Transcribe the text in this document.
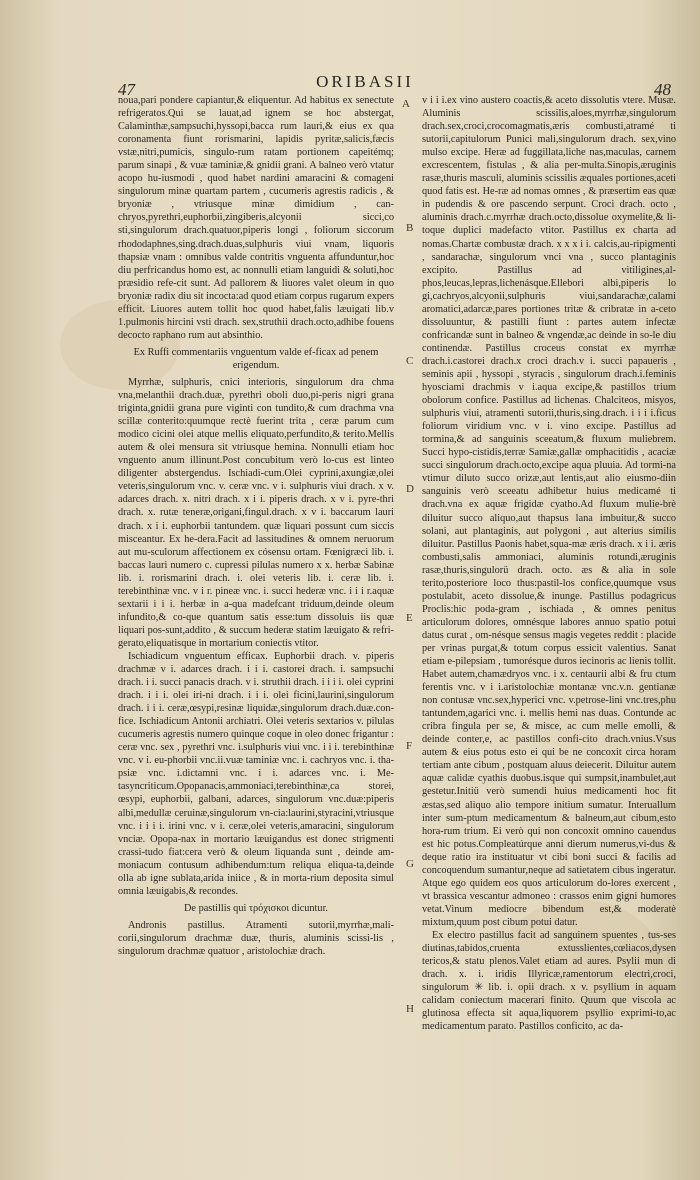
47	ORIBASII	48

noua,pari pondere capiantur,& eliquentur. Ad habitus ex senectute refrigeratos.Qui se lauat,ad ignem se hoc abstergat, Calaminthæ,sampsuchi,hyssopi,bacca rum lauri,& eius ex qua coronamenta fiunt rorismarini, lapidis pyritæ,salicis,fæcis vstæ,nitri,pumicis, singulo-rum ratam portionem capeitémq; parum sinapi , & vuæ taminiæ,& gnidii grani. A balneo verò vtatur acopo hu-iusmodi , quod habet nardini amaracini & comageni singulorum minæ quartam partem , cucumeris agrestis radicis , & bryoniæ , vtriusque minæ dimidium , can-chryos,pyrethri,euphorbii,zingiberis,alcyonii sicci,co sti,singulorum drach.quatuor,piperis longi , foliorum siccorum rhododaphnes,sing.drach.duas,sulphuris viui vnam, liquoris thapsiæ vnam : omnibus valde contritis vnguenta affunduntur,hoc diu perfricandus homo est, ac nonnulli etiam languidi & soluti,hoc præsidio refe-cit sunt. Ad pallorem & liuores valet oleum in quo bryoniæ radix diu sit incocta:ad quod etiam corpus rugarum expers efficit. Liuores autem tollit hoc quod habet,falis læuigati lib.v 1.pulmonis hircini vsti drach. sex,struthii drach.octo,adhibe fouens decocto raphano rum aut absinthio.

Ex Ruffi commentariis vnguentum valde ef-ficax ad penem erigendum.

Myrrhæ, sulphuris, cnici interioris, singulorum dra chma vna,melanthii drach.duæ, pyrethri oboli duo,pi-peris nigri grana triginta,gnidii grana pure viginti con tundito,& cum drachma vna scillæ conterito:quumque rectè fuerint trita , ceræ parum cum modico cicini olei atque mellis eliquato,perfundito,& terito.Mellis autem & olei mensura sit vtriusque hemina. Nonnulli etiam hoc vnguento anum illinunt.Post concubitum verò lo-cus est linteo diligenter abstergendus. Ischiadi-cum.Olei cyprini,axungiæ,olei veteris,singulorum vnc. v. ceræ vnc. v i. sulphuris viui drach. x v. adarces drach. x. nitri drach. x i i. piperis drach. x v i. pyre-thri drach. x. rutæ teneræ,origani,fingul.drach. x v i. baccarum lauri drach. x i i. euphorbii tantundem. quæ liquari possunt cum siccis misceantur. Ex he-dera.Facit ad lassitudines & omnem neruorum aut mu-sculorum affectionem ex cósensu ortam. Fœnigræci lib. i. baccas lauri numero c. cupressi pilulas numero x x. herbæ Sabinæ lib. i. rorismarini drach. i. olei veteris lib. i. ceræ lib. i. terebinthinæ vnc. v i r. pineæ vnc. i. succi hederæ vnc. i i i r.aquæ sextarii i i i. herbæ in a-qua madefcant triduum,deinde oleum infundito,& co-que quantum satis esse:tum dissoluis iis quæ liquari pos-sunt,addito , & succum hederæ statim læuigato & refri-gerato,eliquatisque in mortarium coniectis vtitor.

Ischiadicum vnguentum efficax. Euphorbii drach. v. piperis drachmæ v i. adarces drach. i i i. castorei drach. i. sampsuchi drach. i i. succi panacis drach. v i. struthii drach. i i i i. olei cyprini drach. i i i. olei iri-ni drach. i i i. olei ficini,laurini,singulorum drach. i i i. ceræ,œsypi,resinæ liquidæ,singulorum drach.duæ.con-fice. Ischiadicum Antonii archiatri. Olei veteris sextarios v. pilulas cucumeris agrestis numero quinque coque in oleo donec frigantur : ceræ vnc. sex , pyrethri vnc. i.sulphuris viui vnc. i i i. terebinthinæ vnc. v i. eu-phorbii vnc.ii.vuæ taminiæ vnc. i. cachryos vnc. i. tha-psiæ vnc. i.dictamni vnc. i i. adarces vnc. i. Me-tasyncriticum.Opopanacis,ammoniaci,terebinthinæ,ca storei, œsypi, euphorbii, galbani, adarces, singulorum vnc.duæ:piperis albi,medullæ ceruinæ,singulorum vn-cia:laurini,styracini,vtriusque vnc. i i i i. irini vnc. v i. ceræ,olei veteris,amaracini, singulorum vnciæ. Opopa-nax in mortario læuigandus est donec strigmenti crassi-tudo fiat:cera verò & oleum liquanda sunt , deinde am-moniacum contusum adhibendum:tum reliqua eliqua-ta,deinde olla ab igne sublata,arida iniice , & in morta-rium deposita simul omnia læuigabis,& recondes.

De pastillis qui τρόχισκοι dicuntur.

Andronis pastillus. Atramenti sutorii,myrrhæ,mali-corii,singulorum drachmæ duæ, thuris, aluminis scissi-lis , singulorum drachmæ quatuor , aristolochiæ drach.

A
B
C
D
E
F
G
H

v i i i.ex vino austero coactis,& aceto dissolutis vtere. Musæ. Aluminis scissilis,aloes,myrrhæ,singulorum drach.sex,croci,crocomagmatis,æris combusti,atramé ti sutorii,capitulorum Punici mali,singulorum drach. sex,vino mulso excipe. Heræ ad fuggillata,liche nas,maculas, carnem excrescentem, fistulas , & alia per-multa.Sinopis,æruginis rasæ,thuris masculi, aluminis scissilis æquales portiones,aceti quod fatis est. He-ræ ad nomas omnes , & præsertim eas quæ in pudendis & ore pascendo serpunt. Croci drach. octo , aluminis drach.c.myrrhæ drach.octo,dissolue oxymelite,& li-toque duplici madefacto vtitor. Pastillus ex charta ad nomas.Chartæ combustæ drach. x x x i i. calcis,au-ripigmenti , sandarachæ, singulorum vnci vna , succo plantaginis excipito. Pastillus ad vitiligines,al-phos,leucas,lepras,lichenásque.Ellebori albi,piperis lo gi,cachryos,alcyonii,sulphuris viui,sandarachæ,calami aromatici,adarcæ,pares portiones tritæ & cribratæ in a-ceto dissoluuntur, & pastilli fiunt : partes autem infectæ confricandæ sunt in balneo & vngendæ,ac deinde in so-le diu continendæ. Pastillus croceus constat ex myrrhæ drach.i.castorei drach.x croci drach.v i. succi papaueris , seminis apii , hyssopi , styracis , singulorum drach.i.feminis hyosciami drachmis v i.aqua excipe,& pastillos trium obolorum confice. Pastillus ad lichenas. Chalciteos, misyos, sulphuris viui, atramenti sutorii,thuris,sing.drach. i i i i.ficus foliorum viridium vnc. v i. vino excipe. Pastillus ad tormina,& ad sanguinis sceeatum,& fluxum muliebrem. Succi hypo-cistidis,terræ Samiæ,gallæ omphacitidis , acaciæ succi singulorum drach.octo,excipe aqua pluuia. Ad tormi-na vtimur diluto succo orizæ,aut lentis,aut alio eiusmo-diin sanguinis verò sceeatu adhibetur huius medicamé ti drach.vna ex aquæ frigidæ cyatho.Ad fluxum mulie-brè diluitur succo aliquo,aut thapsus lana imbuitur,& succo solani, aut plantaginis, aut polygoni , aut alterius similis diluitur. Pastillus Paonis habet,squa-mæ æris drach. x i i. æris combusti,salis ammoniaci, aluminis rotundi,æruginis rasæ,thuris,singulorü drach. octo. æs & alia in sole terito,posteriore loco thus:pastil-los confice,quumque vsus postulabit, aceto dissolue,& inunge. Pastillus podagricus Proclis:hic poda-gram , ischiada , & omnes penitus articulorum dolores, omnésque labores annuo spatio potui datus curat , om-nésque sensus magis vegetes reddit : placide per vrinas purgat,& totum corpus essicit valentius. Sanat etiam e-pilepsiam , tumorésque duros iecinoris ac lienis tollit. Habet autem,chamædryos vnc. i x. centaurii albi & fru ctum ferentis vnc. v i i.aristolochiæ montanæ vnc.v.n. gentianæ non contusæ vnc.sex,hyperici vnc. v.petrose-lini vnc.tres,phu tantundem,agarici vnc. i. mellis hemi nas duas. Contunde ac cribra fingula per se, & misce, ac cum melle emolli, & deinde conter,e, ac pastillos confi-cito drach.vnius.Vsus autem & eius potus esto ei qui be ne concoxit circa horam tertiam ante cibum , postquam aluus deiecerit. Diluitur autem aquæ calidæ cyathis duobus.isque qui sumpsit,inambulet,aut gestetur.Initiü verò sumendi huius medicamenti hoc fit æstas,sed aliquo alio tempore initium sumatur. Interuallum inter sum-ptum medicamentum & balneum,aut cibum,esto hora-rum trium. Ei verò qui non concoxit omnino cauendus est hic potus.Compleatúrque anni dierum numerus,vi-dus & deque ratio ira instituatur vt cibi boni succi & facilis ad concoquendum sumantur,neque ad satietatem cibus ingeratur. Atque ego quidem eos quos articulorum do-lores exercent , vt brassica vescantur admoneo : crassos enim gigni humores vetat.Vinum mediocre bibendum est,& moderatè mixtum,quum post cibum potui datur.

Ex electro pastillus facit ad sanguinem spuentes , tus-ses diutinas,tabidos,cruenta extusslientes,cœliacos,dysen tericos,& statu plenos.Valet etiam ad aures. Psylii mun di drach. x. i. iridis Illyricæ,ramentorum electri,croci, singulorum ✳ lib. i. opii drach. x v. psyllium in aquam calidam coniectum macerari finito. Quum que viscola ac glutinosa effecta sit aqua,liquorem psyllio exprimi-to,ac medicamentum parato. Pastillos conficito, ac da-
